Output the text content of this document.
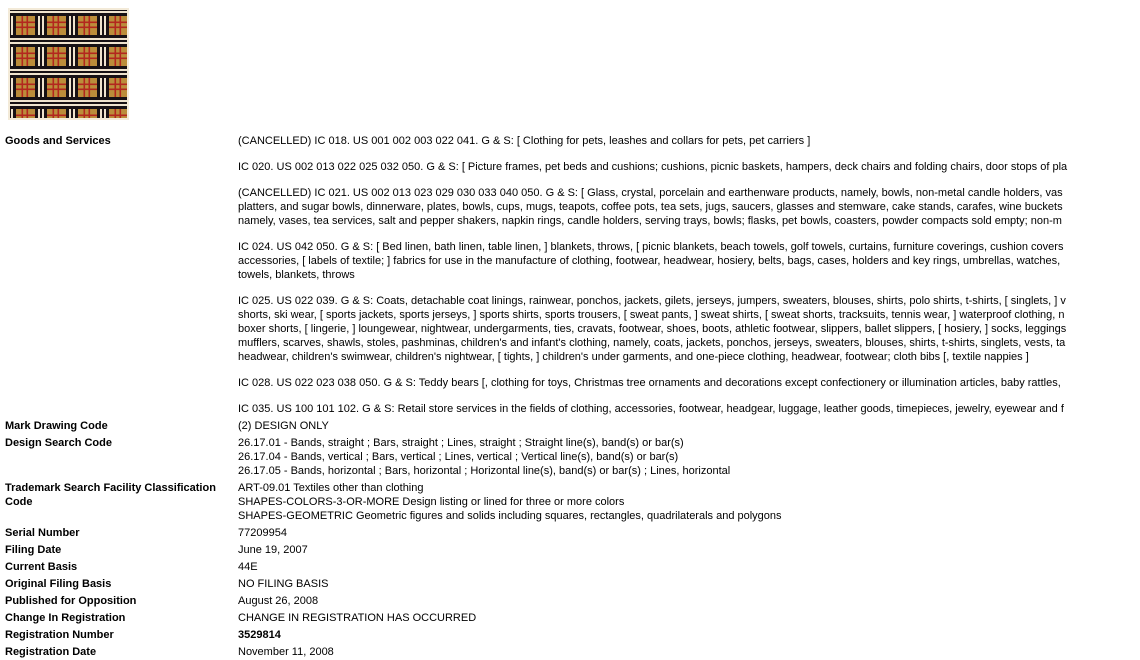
Goods and Services	(CANCELLED) IC 018. US 001 002 003 022 041. G & S: [ Clothing for pets, leashes and collars for pets, pet carriers ]
IC 020. US 002 013 022 025 032 050. G & S: [ Picture frames, pet beds and cushions; cushions, picnic baskets, hampers, deck chairs and folding chairs, door stops of pla
(CANCELLED) IC 021. US 002 013 023 029 030 033 040 050. G & S: [ Glass, crystal, porcelain and earthenware products, namely, bowls, non-metal candle holders, vas
platters, and sugar bowls, dinnerware, plates, bowls, cups, mugs, teapots, coffee pots, tea sets, jugs, saucers, glasses and stemware, cake stands, carafes, wine buckets
namely, vases, tea services, salt and pepper shakers, napkin rings, candle holders, serving trays, bowls; flasks, pet bowls, coasters, powder compacts sold empty; non-m
IC 024. US 042 050. G & S: [ Bed linen, bath linen, table linen, ] blankets, throws, [ picnic blankets, beach towels, golf towels, curtains, furniture coverings, cushion covers
accessories, [ labels of textile; ] fabrics for use in the manufacture of clothing, footwear, headwear, hosiery, belts, bags, cases, holders and key rings, umbrellas, watches,
towels, blankets, throws
IC 025. US 022 039. G & S: Coats, detachable coat linings, rainwear, ponchos, jackets, gilets, jerseys, jumpers, sweaters, blouses, shirts, polo shirts, t-shirts, [ singlets, ] v
shorts, ski wear, [ sports jackets, sports jerseys, ] sports shirts, sports trousers, [ sweat pants, ] sweat shirts, [ sweat shorts, tracksuits, tennis wear, ] waterproof clothing, n
boxer shorts, [ lingerie, ] loungewear, nightwear, undergarments, ties, cravats, footwear, shoes, boots, athletic footwear, slippers, ballet slippers, [ hosiery, ] socks, leggings
mufflers, scarves, shawls, stoles, pashminas, children's and infant's clothing, namely, coats, jackets, ponchos, jerseys, sweaters, blouses, shirts, t-shirts, singlets, vests, ta
headwear, children's swimwear, children's nightwear, [ tights, ] children's under garments, and one-piece clothing, headwear, footwear; cloth bibs [, textile nappies ]
IC 028. US 022 023 038 050. G & S: Teddy bears [, clothing for toys, Christmas tree ornaments and decorations except confectionery or illumination articles, baby rattles,
IC 035. US 100 101 102. G & S: Retail store services in the fields of clothing, accessories, footwear, headgear, luggage, leather goods, timepieces, jewelry, eyewear and f
Mark Drawing Code	(2) DESIGN ONLY
Design Search Code	26.17.01 - Bands, straight ; Bars, straight ; Lines, straight ; Straight line(s), band(s) or bar(s)
26.17.04 - Bands, vertical ; Bars, vertical ; Lines, vertical ; Vertical line(s), band(s) or bar(s)
26.17.05 - Bands, horizontal ; Bars, horizontal ; Horizontal line(s), band(s) or bar(s) ; Lines, horizontal
Trademark Search Facility Classification Code
ART-09.01 Textiles other than clothing
SHAPES-COLORS-3-OR-MORE Design listing or lined for three or more colors
SHAPES-GEOMETRIC Geometric figures and solids including squares, rectangles, quadrilaterals and polygons
Serial Number	77209954
Filing Date	June 19, 2007
Current Basis	44E
Original Filing Basis	NO FILING BASIS
Published for Opposition	August 26, 2008
Change In Registration	CHANGE IN REGISTRATION HAS OCCURRED
Registration Number	3529814
Registration Date	November 11, 2008
